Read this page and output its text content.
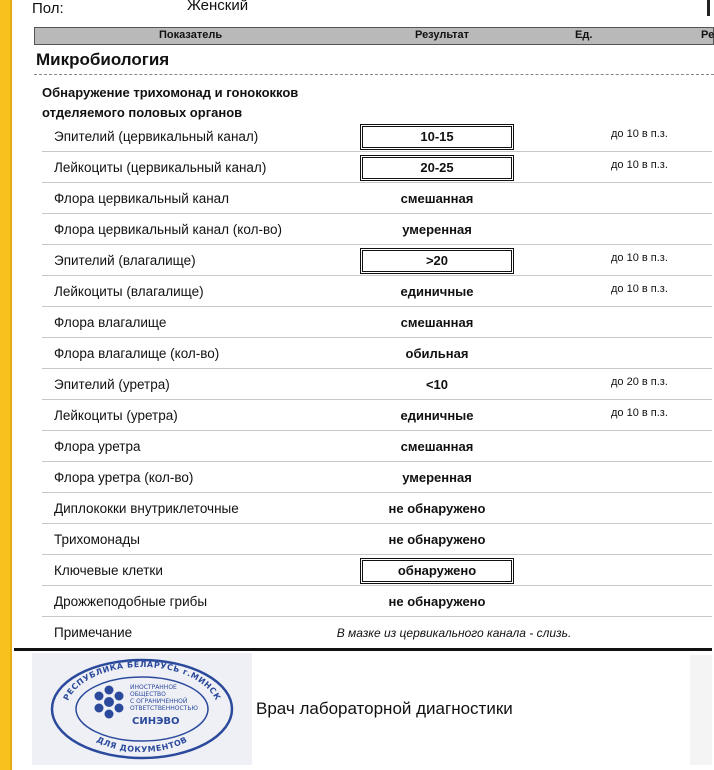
Пол:	Женский
Показатель	Результат	Ед.	Ре
Микробиология
Обнаружение трихомонад и гонококков отделяемого половых органов
Эпителий (цервикальный канал)	10-15	до 10 в п.з.
Лейкоциты (цервикальный канал)	20-25	до 10 в п.з.
Флора цервикальный канал	смешанная
Флора цервикальный канал (кол-во)	умеренная
Эпителий (влагалище)	>20	до 10 в п.з.
Лейкоциты (влагалище)	единичные	до 10 в п.з.
Флора влагалище	смешанная
Флора влагалище (кол-во)	обильная
Эпителий (уретра)	<10	до 20 в п.з.
Лейкоциты (уретра)	единичные	до 10 в п.з.
Флора уретра	смешанная
Флора уретра (кол-во)	умеренная
Диплококки внутриклеточные	не обнаружено
Трихомонады	не обнаружено
Ключевые клетки	обнаружено
Дрожжеподобные грибы	не обнаружено
Примечание	В мазке из цервикального канала - слизь.
РЕСПУБЛИКА БЕЛАРУСЬ г.МИНСК
ДЛЯ ДОКУМЕНТОВ
ИНОСТРАННОЕ
ОБЩЕСТВО
С ОГРАНИЧЕННОЙ
ОТВЕТСТВЕННОСТЬЮ
СИНЭВО
Врач лабораторной диагностики
